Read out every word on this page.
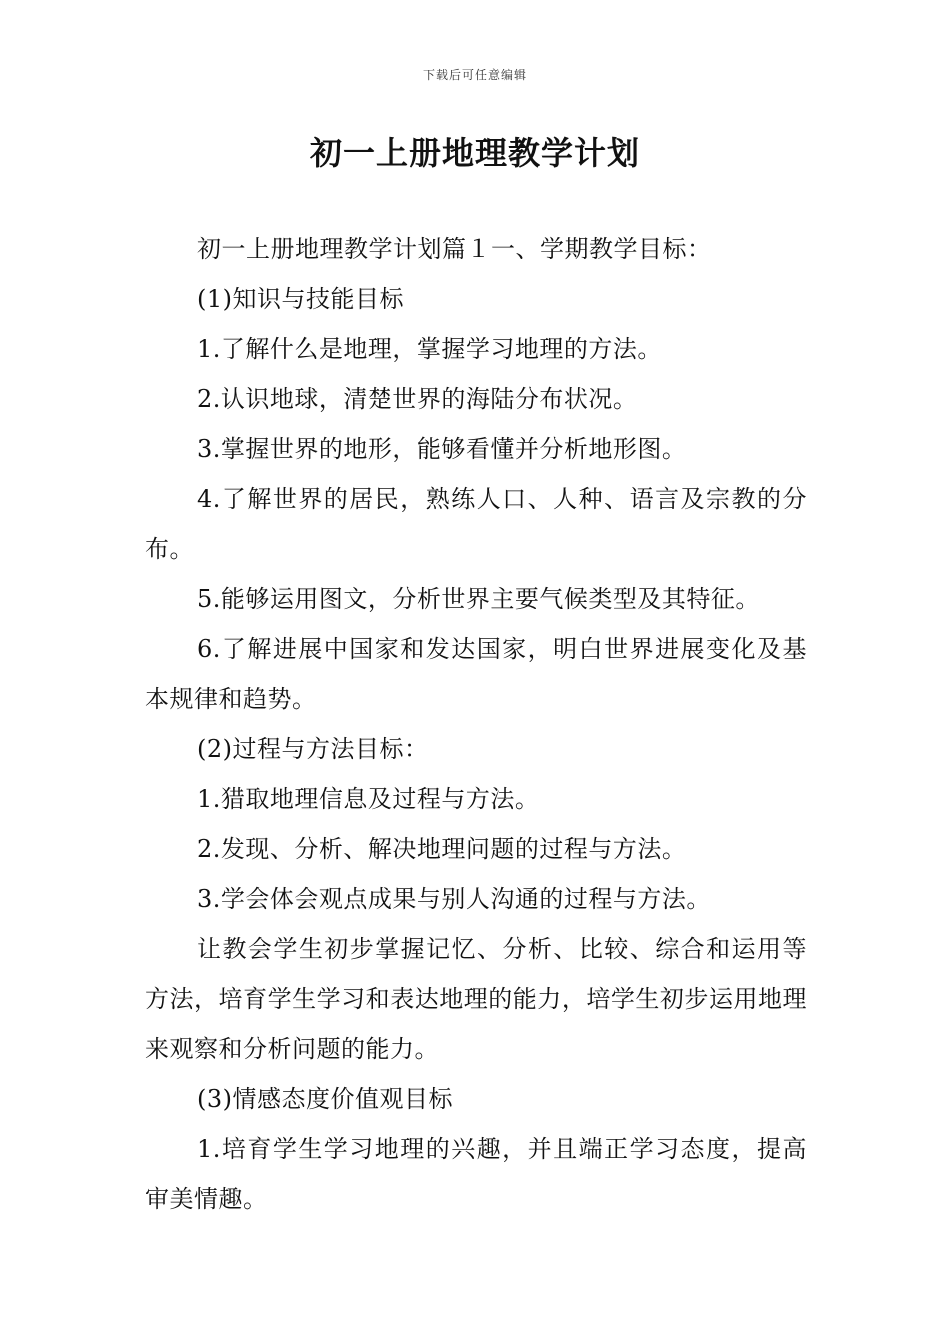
下载后可任意编辑
初一上册地理教学计划

初一上册地理教学计划篇１一、学期教学目标：

(1)知识与技能目标

1.了解什么是地理，掌握学习地理的方法。

2.认识地球，清楚世界的海陆分布状况。

3.掌握世界的地形，能够看懂并分析地形图。

4.了解世界的居民，熟练人口、人种、语言及宗教的分布。

5.能够运用图文，分析世界主要气候类型及其特征。

6.了解进展中国家和发达国家，明白世界进展变化及基本规律和趋势。

(2)过程与方法目标：

1.猎取地理信息及过程与方法。

2.发现、分析、解决地理问题的过程与方法。

3.学会体会观点成果与别人沟通的过程与方法。

让教会学生初步掌握记忆、分析、比较、综合和运用等方法，培育学生学习和表达地理的能力，培学生初步运用地理来观察和分析问题的能力。

(3)情感态度价值观目标

1.培育学生学习地理的兴趣，并且端正学习态度，提高审美情趣。
